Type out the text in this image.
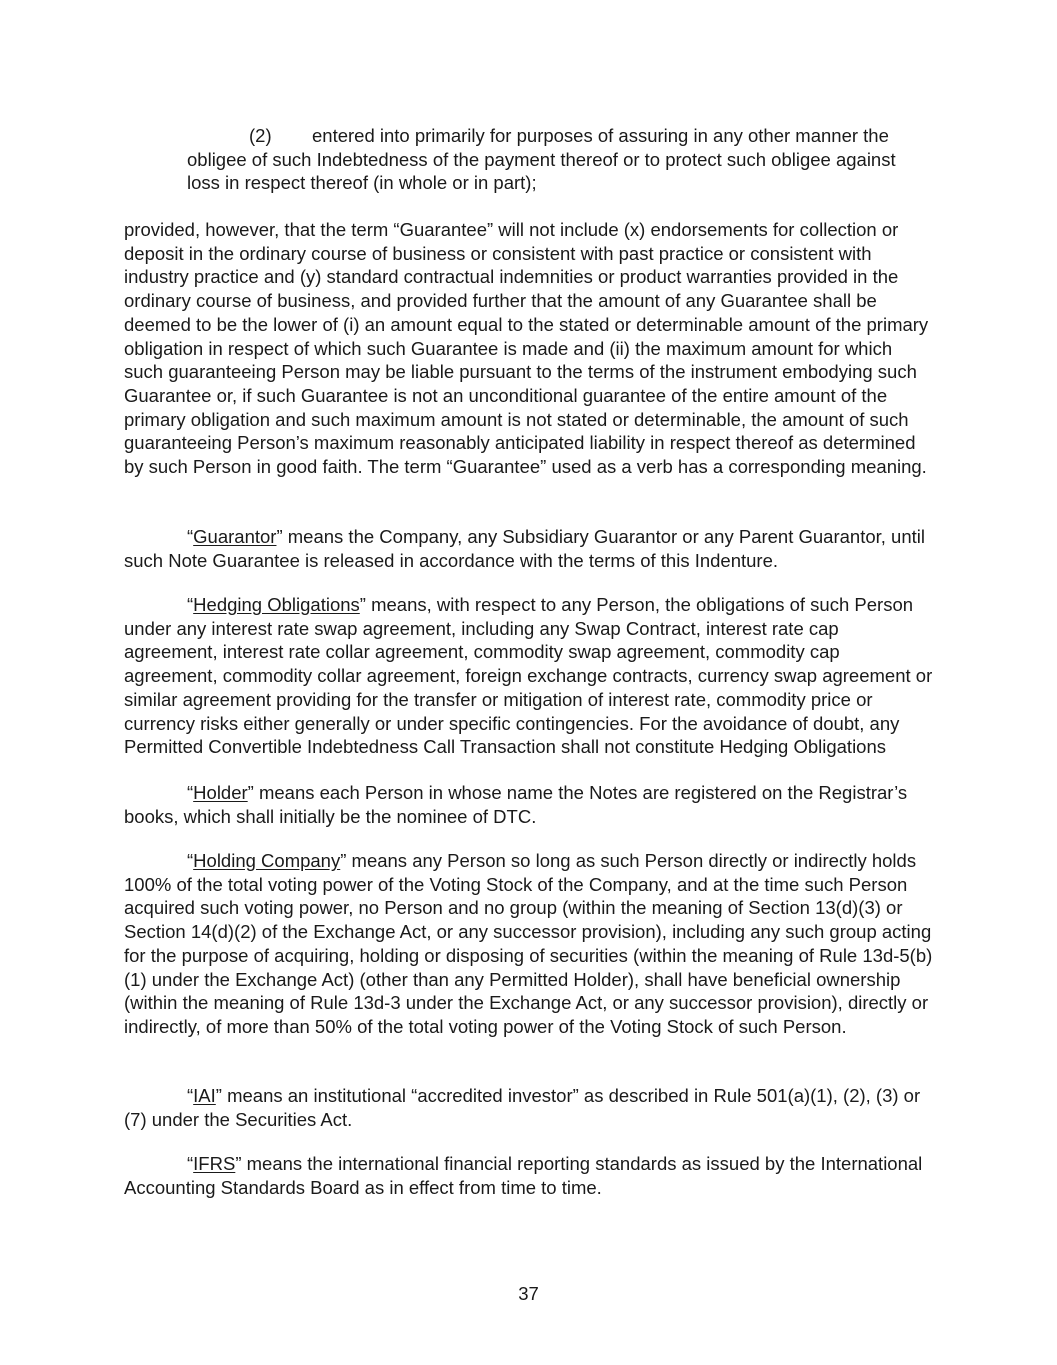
(2)	entered into primarily for purposes of assuring in any other manner the obligee of such Indebtedness of the payment thereof or to protect such obligee against loss in respect thereof (in whole or in part);

provided, however, that the term “Guarantee” will not include (x) endorsements for collection or deposit in the ordinary course of business or consistent with past practice or consistent with industry practice and (y) standard contractual indemnities or product warranties provided in the ordinary course of business, and provided further that the amount of any Guarantee shall be deemed to be the lower of (i) an amount equal to the stated or determinable amount of the primary obligation in respect of which such Guarantee is made and (ii) the maximum amount for which such guaranteeing Person may be liable pursuant to the terms of the instrument embodying such Guarantee or, if such Guarantee is not an unconditional guarantee of the entire amount of the primary obligation and such maximum amount is not stated or determinable, the amount of such guaranteeing Person’s maximum reasonably anticipated liability in respect thereof as determined by such Person in good faith. The term “Guarantee” used as a verb has a corresponding meaning.

“Guarantor” means the Company, any Subsidiary Guarantor or any Parent Guarantor, until such Note Guarantee is released in accordance with the terms of this Indenture.

“Hedging Obligations” means, with respect to any Person, the obligations of such Person under any interest rate swap agreement, including any Swap Contract, interest rate cap agreement, interest rate collar agreement, commodity swap agreement, commodity cap agreement, commodity collar agreement, foreign exchange contracts, currency swap agreement or similar agreement providing for the transfer or mitigation of interest rate, commodity price or currency risks either generally or under specific contingencies. For the avoidance of doubt, any Permitted Convertible Indebtedness Call Transaction shall not constitute Hedging Obligations

“Holder” means each Person in whose name the Notes are registered on the Registrar’s books, which shall initially be the nominee of DTC.

“Holding Company” means any Person so long as such Person directly or indirectly holds 100% of the total voting power of the Voting Stock of the Company, and at the time such Person acquired such voting power, no Person and no group (within the meaning of Section 13(d)(3) or Section 14(d)(2) of the Exchange Act, or any successor provision), including any such group acting for the purpose of acquiring, holding or disposing of securities (within the meaning of Rule 13d-5(b)(1) under the Exchange Act) (other than any Permitted Holder), shall have beneficial ownership (within the meaning of Rule 13d-3 under the Exchange Act, or any successor provision), directly or indirectly, of more than 50% of the total voting power of the Voting Stock of such Person.

“IAI” means an institutional “accredited investor” as described in Rule 501(a)(1), (2), (3) or (7) under the Securities Act.

“IFRS” means the international financial reporting standards as issued by the International Accounting Standards Board as in effect from time to time.

37
